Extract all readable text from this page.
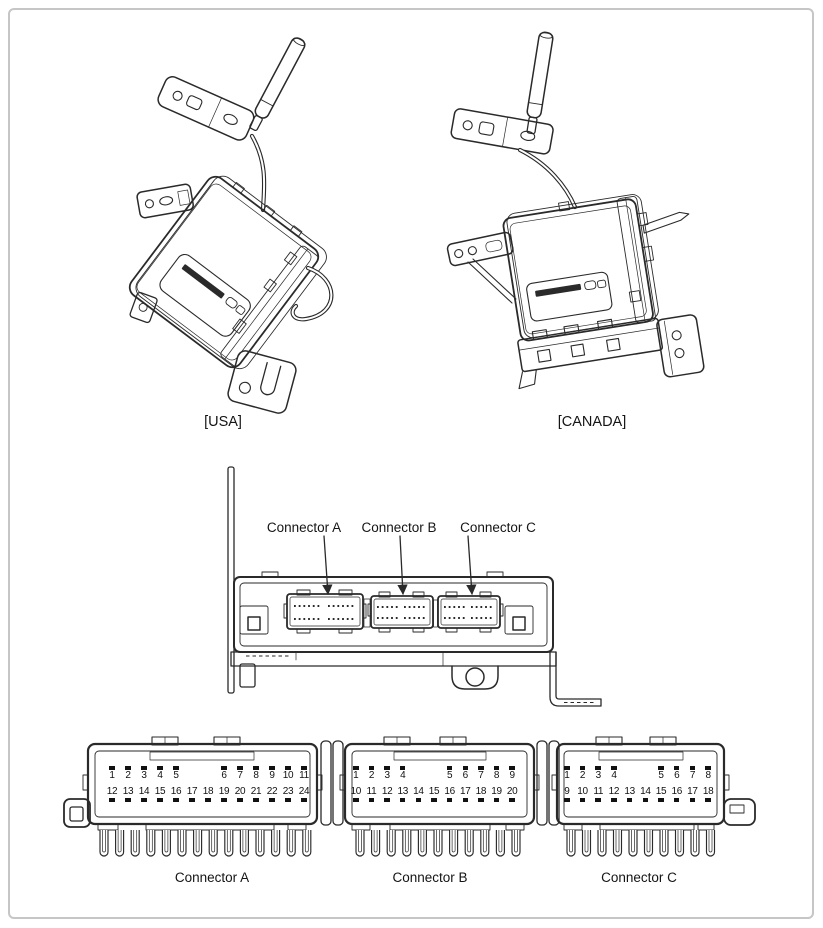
[USA]	[CANADA]
Connector A Connector B Connector C
1 2 3 4 5	6 7 8 9 10 11
12 13 14 15 16 17 18 19 20 21 22 23 24
1 2 3 4	5 6 7 8 9
10 11 12 13 14 15 16 17 18 19 20
1 2 3 4	5 6 7 8
9 10 11 12 13 14 15 16 17 18
Connector A	Connector B	Connector C
